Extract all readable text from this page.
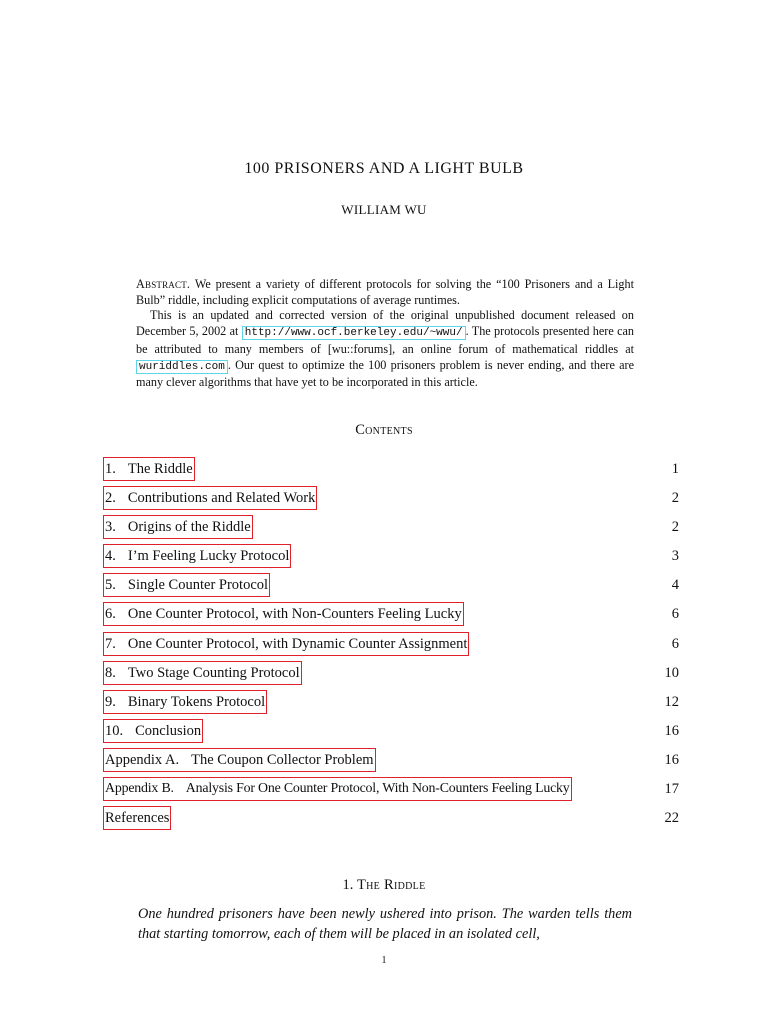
100 PRISONERS AND A LIGHT BULB
WILLIAM WU

Abstract. We present a variety of different protocols for solving the “100 Prisoners and a Light Bulb” riddle, including explicit computations of average runtimes.

This is an updated and corrected version of the original unpublished document released on December 5, 2002 at http://www.ocf.berkeley.edu/~wwu/ . The protocols presented here can be attributed to many members of [wu::forums], an online forum of mathematical riddles at wuriddles.com . Our quest to optimize the 100 prisoners problem is never ending, and there are many clever algorithms that have yet to be incorporated in this article.

Contents
1. The Riddle	1
2. Contributions and Related Work	2
3. Origins of the Riddle	2
4. I’m Feeling Lucky Protocol	3
5. Single Counter Protocol	4
6. One Counter Protocol, with Non-Counters Feeling Lucky	6
7. One Counter Protocol, with Dynamic Counter Assignment	6
8. Two Stage Counting Protocol	10
9. Binary Tokens Protocol	12
10. Conclusion	16
Appendix A. The Coupon Collector Problem	16
Appendix B. Analysis For One Counter Protocol, With Non-Counters Feeling Lucky	17
References	22
1. The Riddle

One hundred prisoners have been newly ushered into prison. The warden tells them that starting tomorrow, each of them will be placed in an isolated cell,

1
